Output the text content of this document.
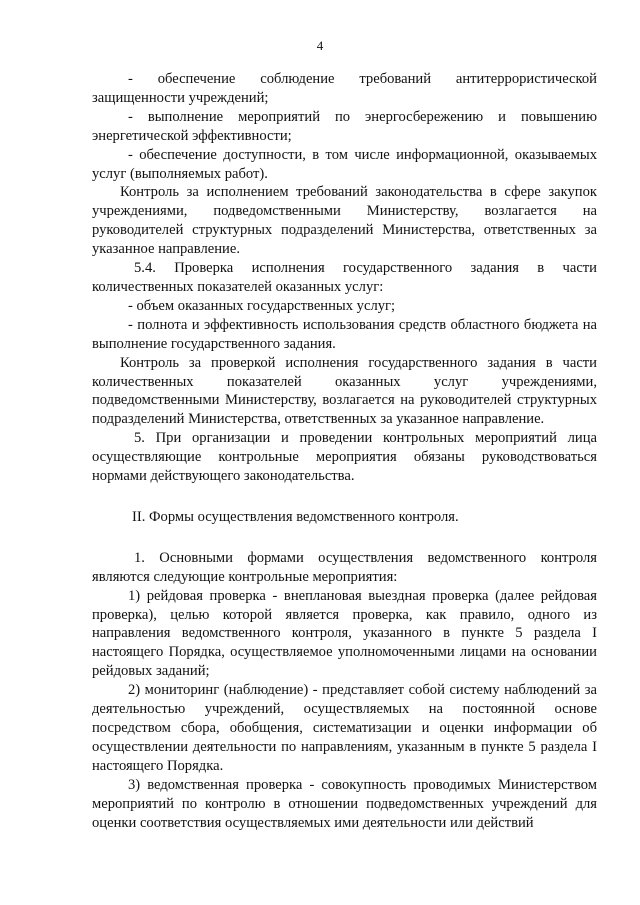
4

- обеспечение соблюдение требований антитеррористической защищенности учреждений;

- выполнение мероприятий по энергосбережению и повышению энергетической эффективности;

- обеспечение доступности, в том числе информационной, оказываемых услуг (выполняемых работ).

Контроль за исполнением требований законодательства в сфере закупок учреждениями, подведомственными Министерству, возлагается на руководителей структурных подразделений Министерства, ответственных за указанное направление.

5.4. Проверка исполнения государственного задания в части количественных показателей оказанных услуг:

- объем оказанных государственных услуг;

- полнота и эффективность использования средств областного бюджета на выполнение государственного задания.

Контроль за проверкой исполнения государственного задания в части количественных показателей оказанных услуг учреждениями, подведомственными Министерству, возлагается на руководителей структурных подразделений Министерства, ответственных за указанное направление.

5. При организации и проведении контрольных мероприятий лица осуществляющие контрольные мероприятия обязаны руководствоваться нормами действующего законодательства.

II. Формы осуществления ведомственного контроля.

1. Основными формами осуществления ведомственного контроля являются следующие контрольные мероприятия:

1) рейдовая проверка - внеплановая выездная проверка (далее рейдовая проверка), целью которой является проверка, как правило, одного из направления ведомственного контроля, указанного в пункте 5 раздела I настоящего Порядка, осуществляемое уполномоченными лицами на основании рейдовых заданий;

2) мониторинг (наблюдение) - представляет собой систему наблюдений за деятельностью учреждений, осуществляемых на постоянной основе посредством сбора, обобщения, систематизации и оценки информации об осуществлении деятельности по направлениям, указанным в пункте 5 раздела I настоящего Порядка.

3) ведомственная проверка - совокупность проводимых Министерством мероприятий по контролю в отношении подведомственных учреждений для оценки соответствия осуществляемых ими деятельности или действий
